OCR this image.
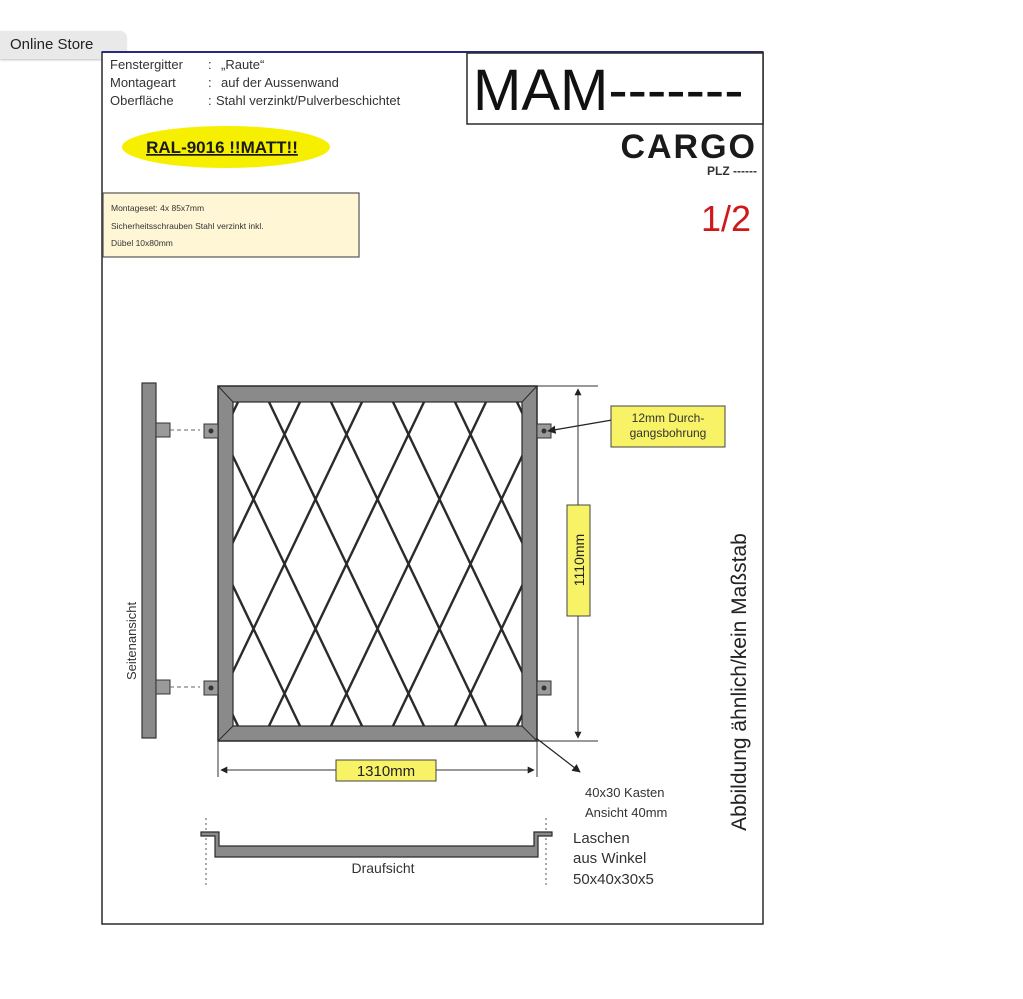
Online Store
Fenstergitter : „Raute“
Montageart : auf der Aussenwand
Oberfläche	: Stahl verzinkt/Pulverbeschichtet
RAL-9016 !!MATT!!
MAM-------
CARGO
PLZ ------
1/2
Montageset: 4x 85x7mm
Sicherheitsschrauben Stahl verzinkt inkl.
Dübel 10x80mm
Seitenansicht
12mm Durch-
gangsbohrung
1110mm
1310mm
40x30 Kasten
Ansicht 40mm
Draufsicht
Laschen
aus Winkel
50x40x30x5
Abbildung ähnlich/kein Maßstab
